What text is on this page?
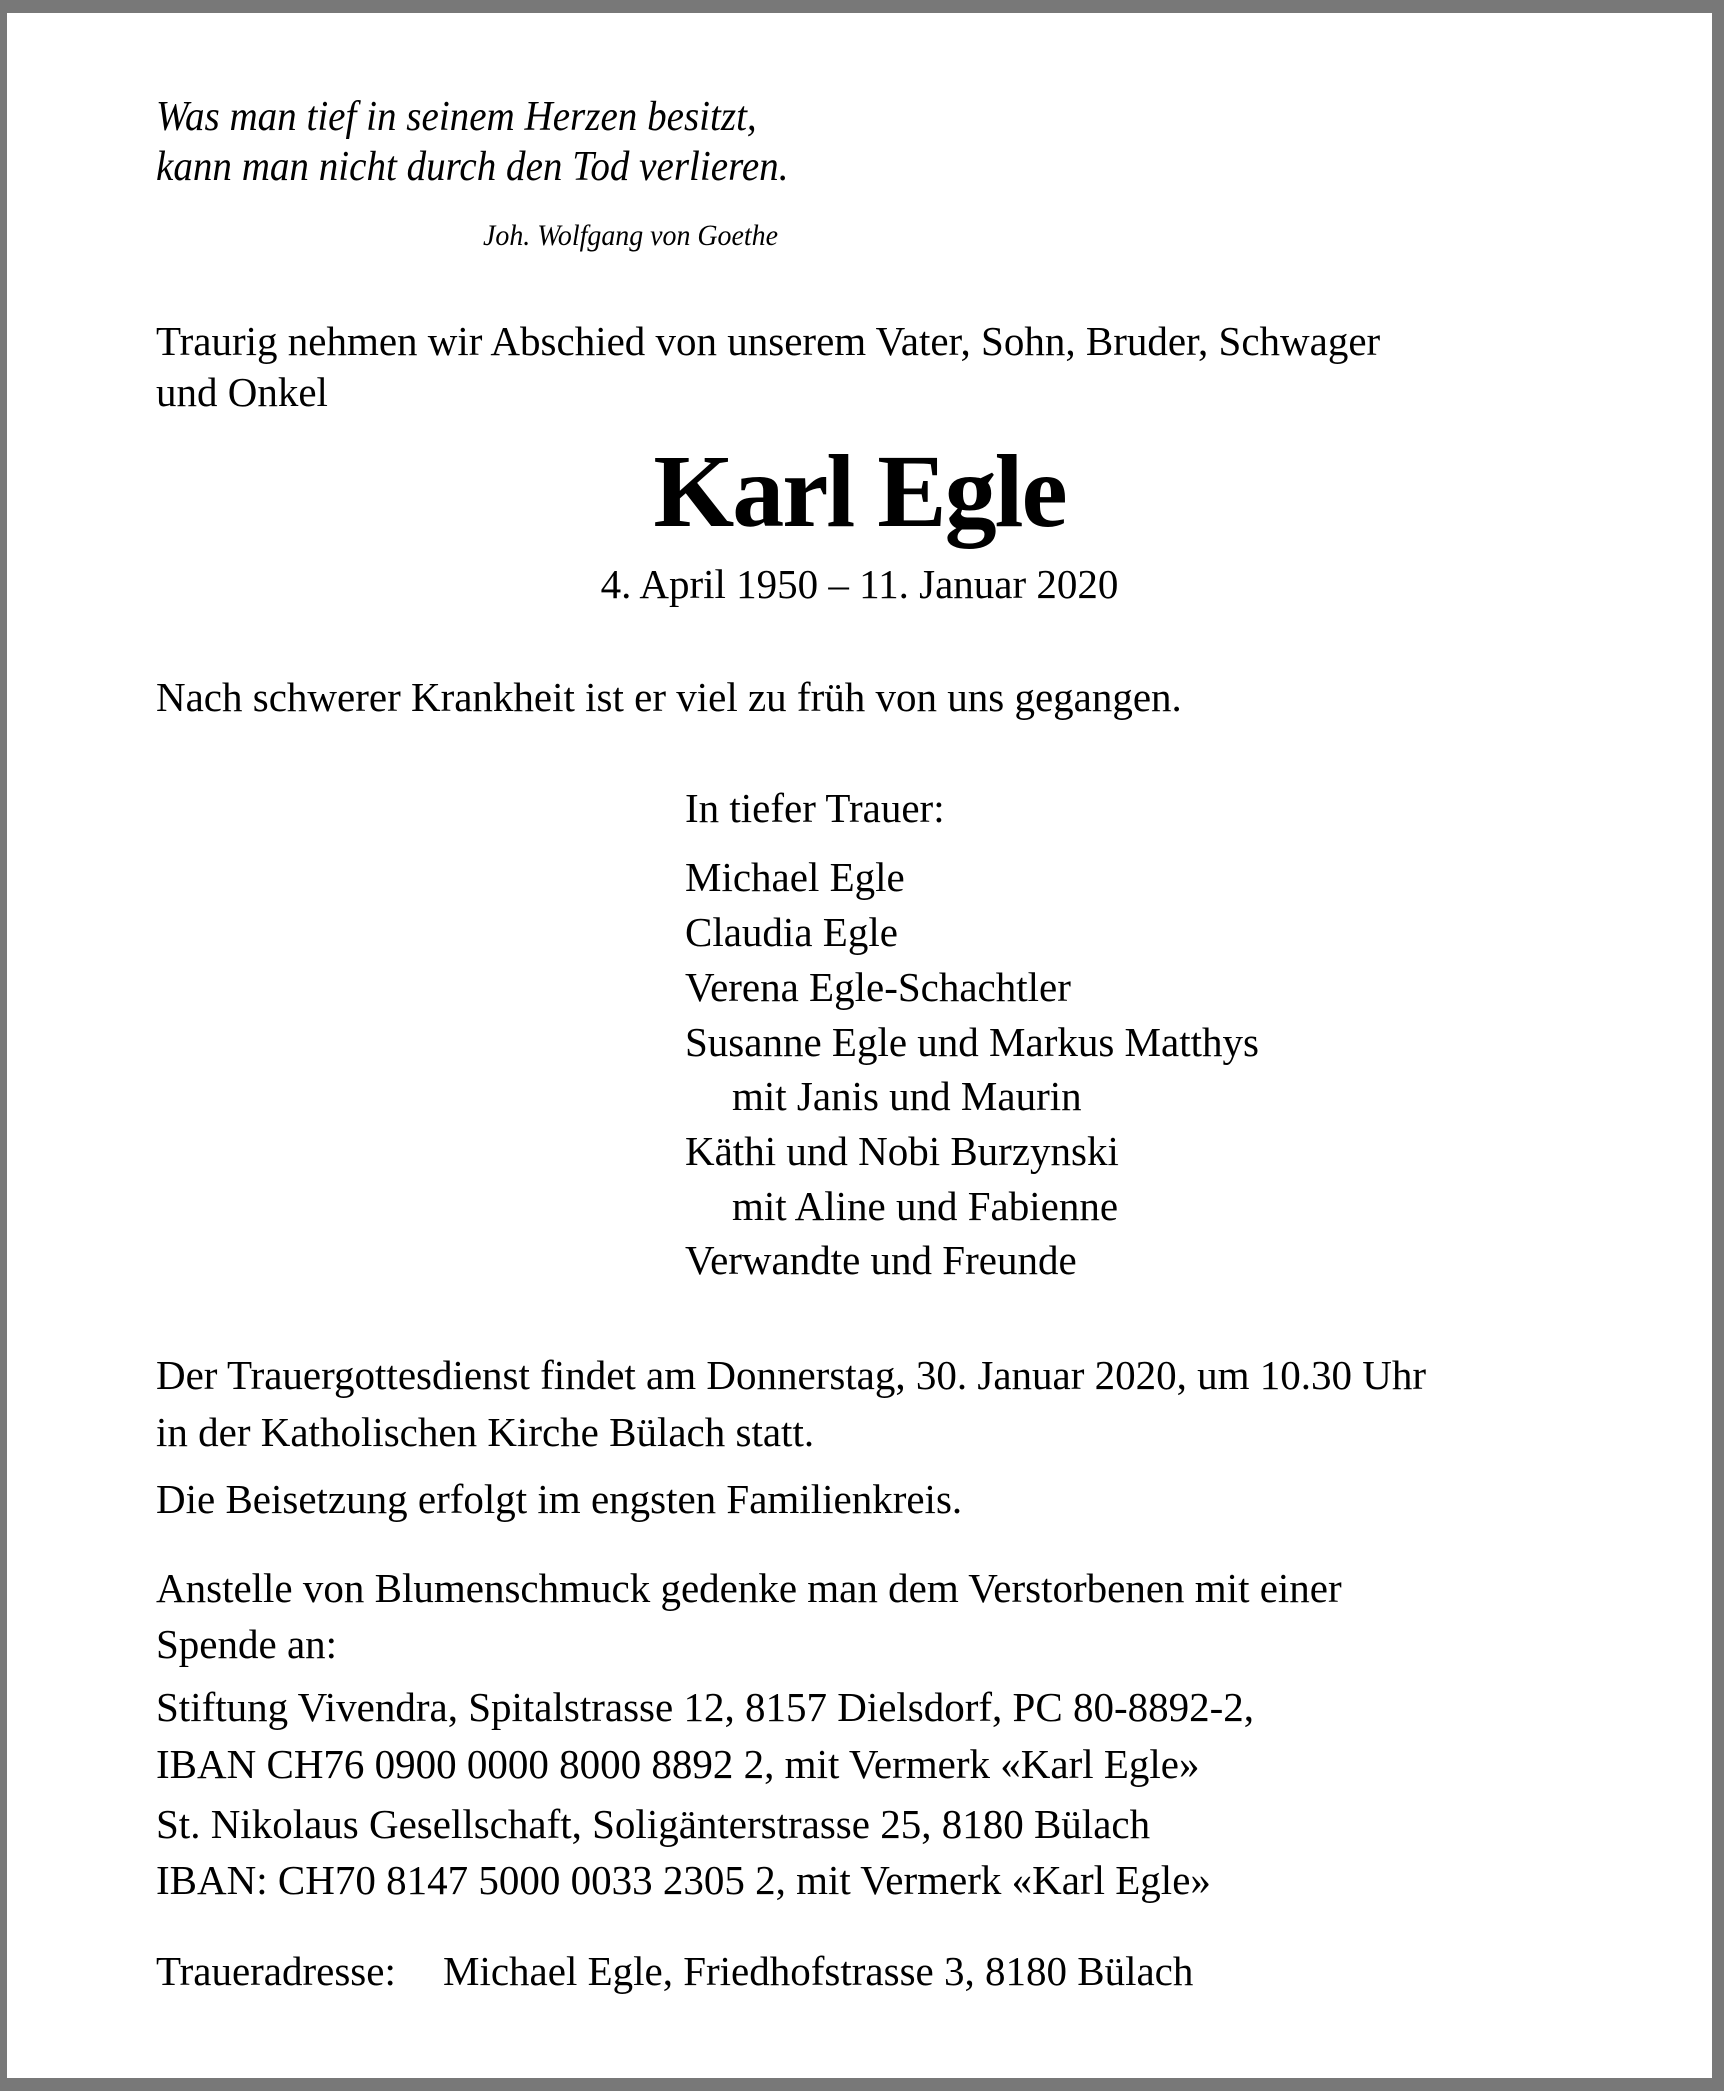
Was man tief in seinem Herzen besitzt,
kann man nicht durch den Tod verlieren.
Joh. Wolfgang von Goethe
Traurig nehmen wir Abschied von unserem Vater, Sohn, Bruder, Schwager
und Onkel
Karl Egle
4. April 1950 – 11. Januar 2020
Nach schwerer Krankheit ist er viel zu früh von uns gegangen.
In tiefer Trauer:
Michael Egle
Claudia Egle
Verena Egle-Schachtler
Susanne Egle und Markus Matthys
mit Janis und Maurin
Käthi und Nobi Burzynski
mit Aline und Fabienne
Verwandte und Freunde
Der Trauergottesdienst findet am Donnerstag, 30. Januar 2020, um 10.30 Uhr
in der Katholischen Kirche Bülach statt.
Die Beisetzung erfolgt im engsten Familienkreis.
Anstelle von Blumenschmuck gedenke man dem Verstorbenen mit einer
Spende an:
Stiftung Vivendra, Spitalstrasse 12, 8157 Dielsdorf, PC 80-8892-2,
IBAN CH76 0900 0000 8000 8892 2, mit Vermerk «Karl Egle»
St. Nikolaus Gesellschaft, Soligänterstrasse 25, 8180 Bülach
IBAN: CH70 8147 5000 0033 2305 2, mit Vermerk «Karl Egle»
Traueradresse: Michael Egle, Friedhofstrasse 3, 8180 Bülach
